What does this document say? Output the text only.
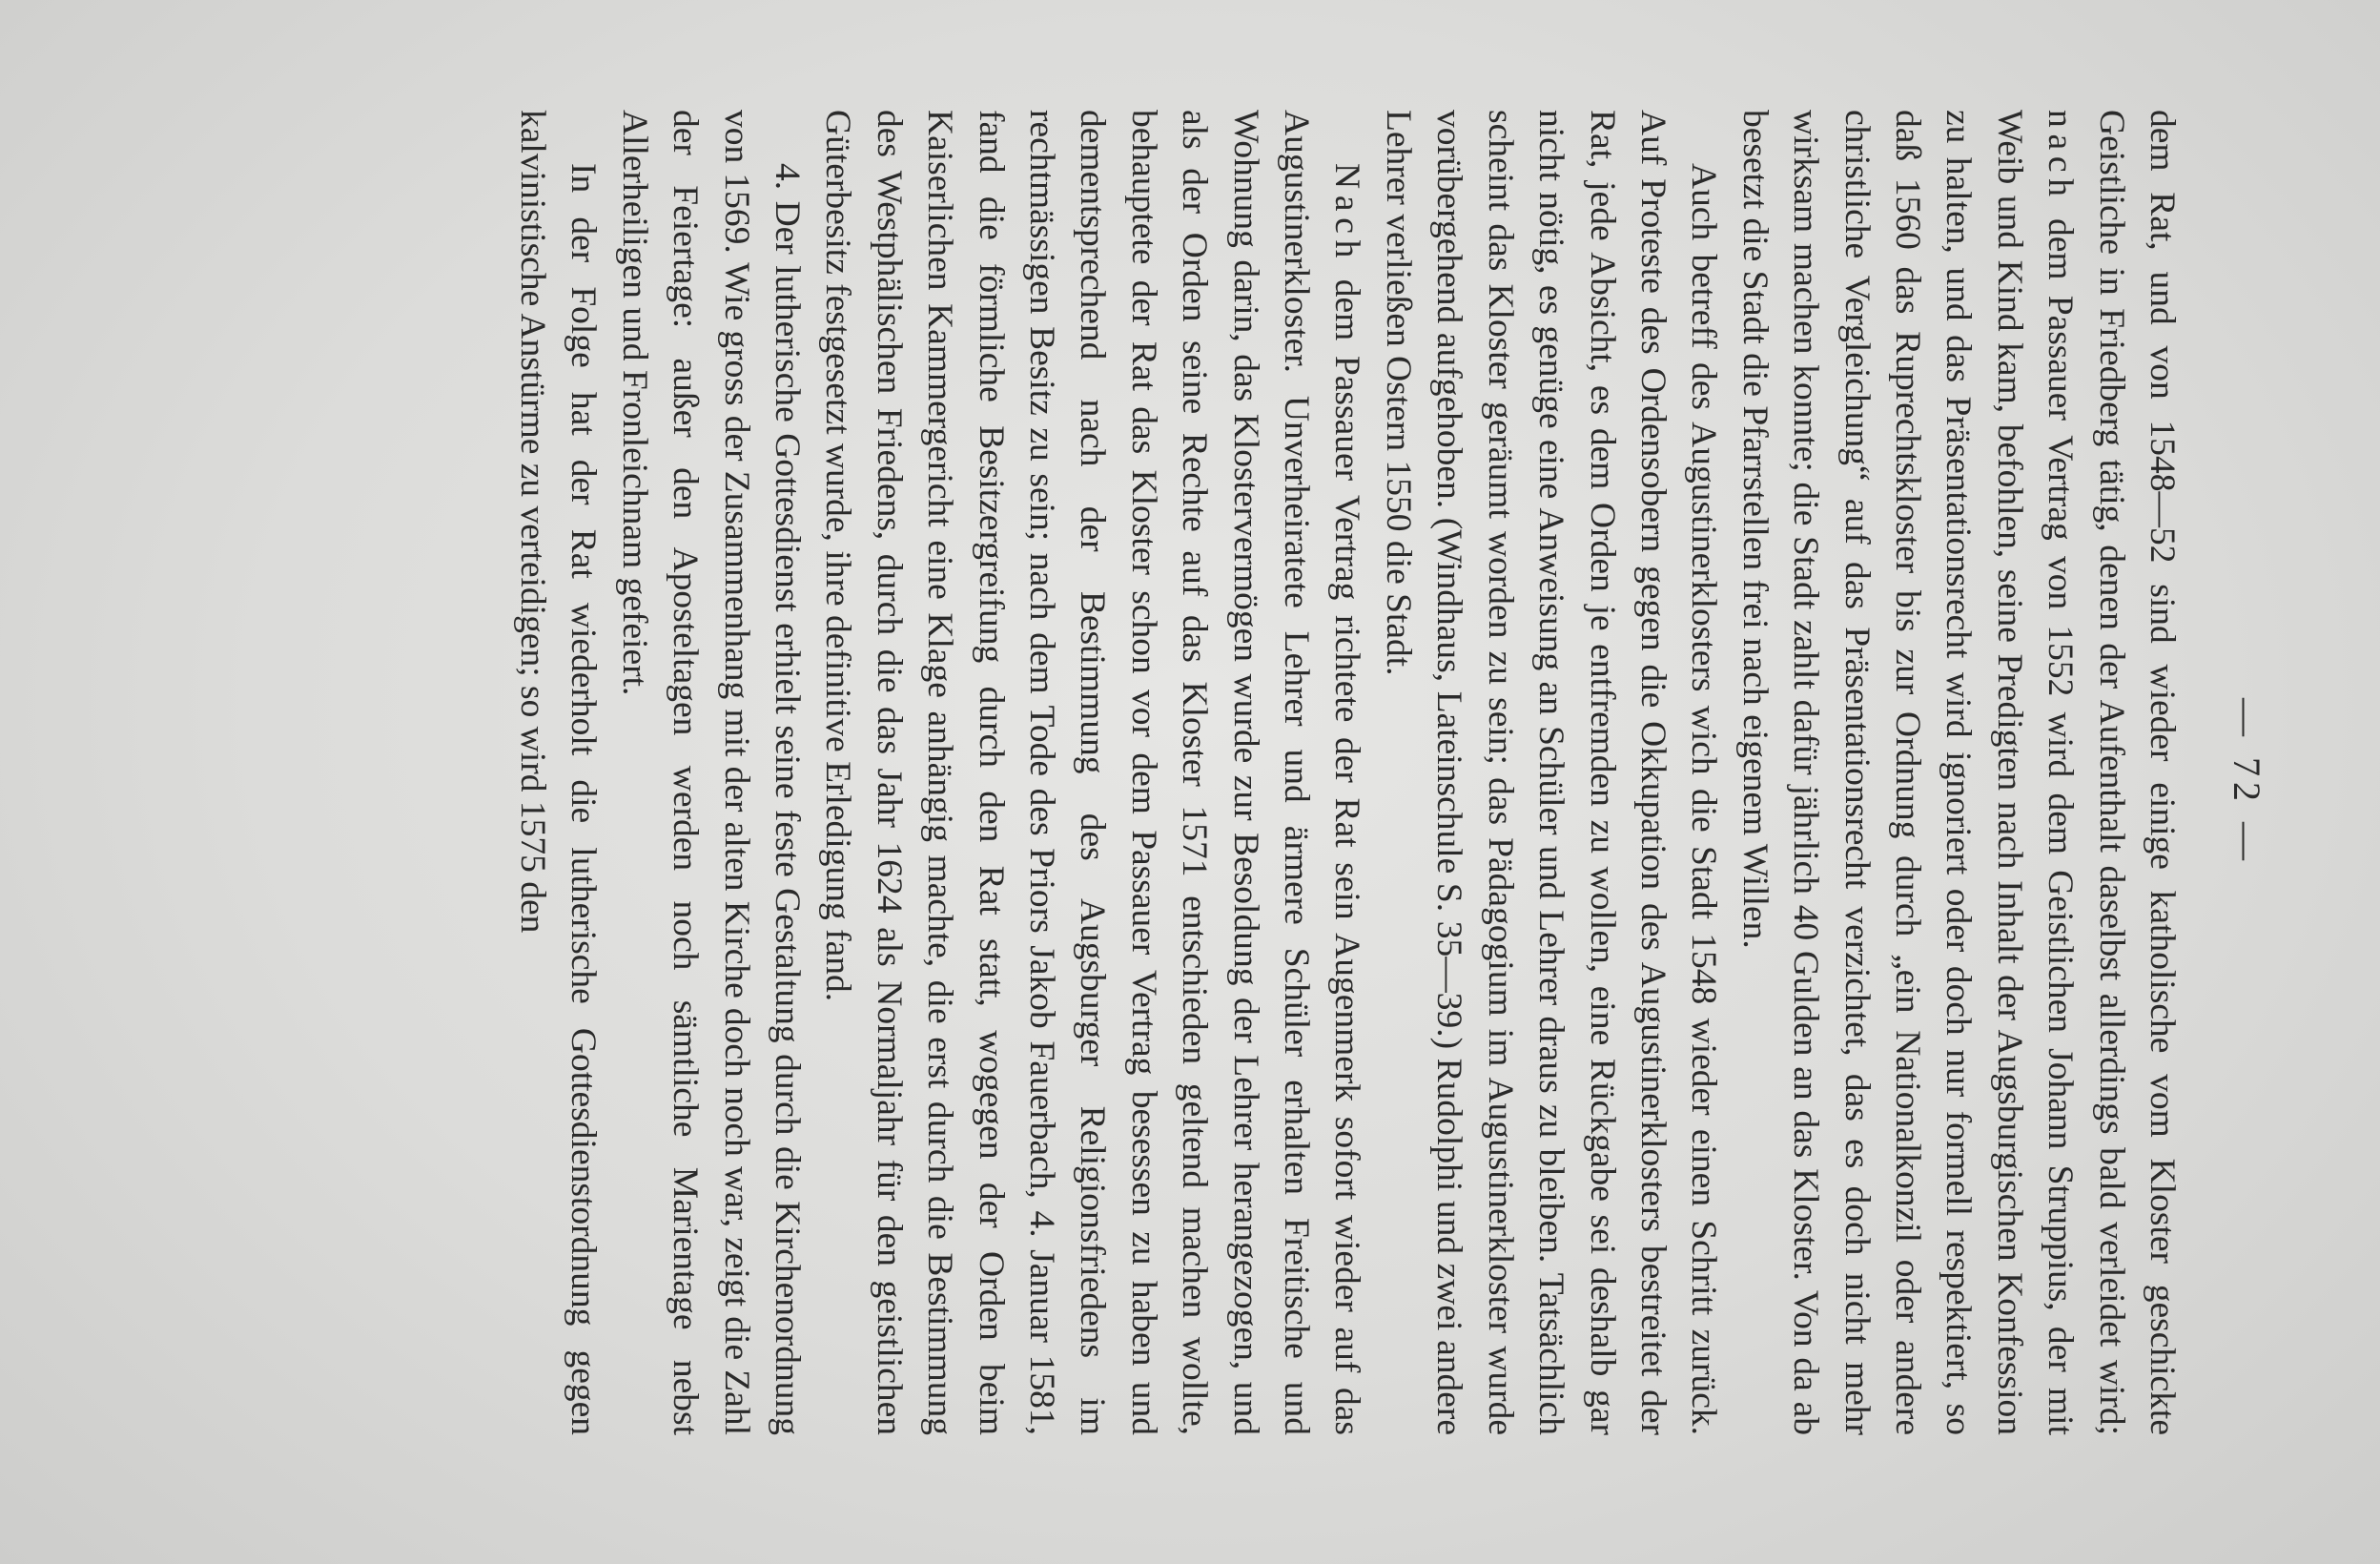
— 72 —

dem Rat, und von 1548—52 sind wieder einige katholische vom Kloster geschickte Geistliche in Friedberg tätig, denen der Aufenthalt daselbst allerdings bald verleidet wird; nach dem Passauer Vertrag von 1552 wird dem Geistlichen Johann Struppius, der mit Weib und Kind kam, befohlen, seine Predigten nach Inhalt der Augsburgischen Konfession zu halten, und das Präsentationsrecht wird ignoriert oder doch nur formell respektiert, so daß 1560 das Ruprechtskloster bis zur Ordnung durch „ein Nationalkonzil oder andere christliche Vergleichung“ auf das Präsentationsrecht verzichtet, das es doch nicht mehr wirksam machen konnte; die Stadt zahlt dafür jährlich 40 Gulden an das Kloster. Von da ab besetzt die Stadt die Pfarrstellen frei nach eigenem Willen.

Auch betreff des Augustinerklosters wich die Stadt 1548 wieder einen Schritt zurück. Auf Proteste des Ordensobern gegen die Okkupation des Augustinerklosters bestreitet der Rat, jede Absicht, es dem Orden je entfremden zu wollen, eine Rückgabe sei deshalb gar nicht nötig, es genüge eine Anweisung an Schüler und Lehrer draus zu bleiben. Tatsächlich scheint das Kloster geräumt worden zu sein; das Pädagogium im Augustinerkloster wurde vorübergehend aufgehoben. (Windhaus, Lateinschule S. 35—39.) Rudolphi und zwei andere Lehrer verließen Ostern 1550 die Stadt.

Nach dem Passauer Vertrag richtete der Rat sein Augenmerk sofort wieder auf das Augustinerkloster. Unverheiratete Lehrer und ärmere Schüler erhalten Freitische und Wohnung darin, das Klostervermögen wurde zur Besoldung der Lehrer herangezogen, und als der Orden seine Rechte auf das Kloster 1571 entschieden geltend machen wollte, behauptete der Rat das Kloster schon vor dem Passauer Vertrag besessen zu haben und dementsprechend nach der Bestimmung des Augsburger Religionsfriedens im rechtmässigen Besitz zu sein; nach dem Tode des Priors Jakob Fauerbach, 4. Januar 1581, fand die förmliche Besitzergreifung durch den Rat statt, wogegen der Orden beim Kaiserlichen Kammergericht eine Klage anhängig machte, die erst durch die Bestimmung des Westphälischen Friedens, durch die das Jahr 1624 als Normaljahr für den geistlichen Güterbesitz festgesetzt wurde, ihre definitive Erledigung fand.

4. Der lutherische Gottesdienst erhielt seine feste Gestaltung durch die Kirchenordnung von 1569. Wie gross der Zusammenhang mit der alten Kirche doch noch war, zeigt die Zahl der Feiertage: außer den Aposteltagen werden noch sämtliche Marientage nebst Allerheiligen und Fronleichnam gefeiert.

In der Folge hat der Rat wiederholt die lutherische Gottesdienstordnung gegen kalvinistische Anstürme zu verteidigen; so wird 1575 den
